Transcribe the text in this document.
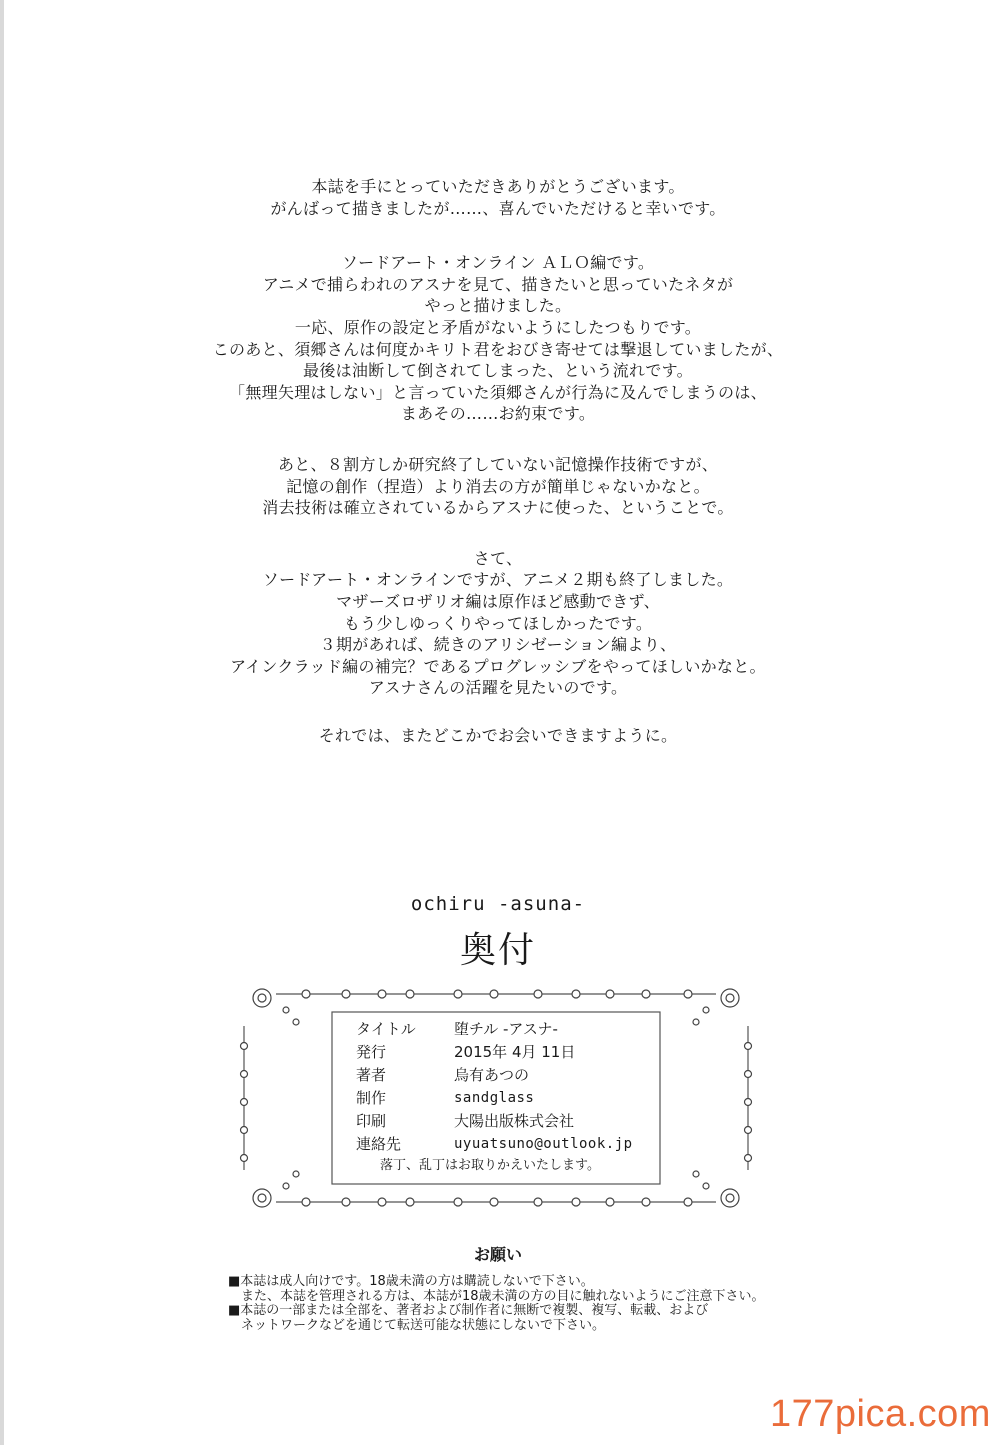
本誌を手にとっていただきありがとうございます。
がんばって描きましたが……、喜んでいただけると幸いです。

ソードアート・オンライン ＡＬＯ編です。
アニメで捕らわれのアスナを見て、描きたいと思っていたネタが
やっと描けました。
一応、原作の設定と矛盾がないようにしたつもりです。
このあと、須郷さんは何度かキリト君をおびき寄せては撃退していましたが、
最後は油断して倒されてしまった、という流れです。
「無理矢理はしない」と言っていた須郷さんが行為に及んでしまうのは、
まあその……お約束です。

あと、８割方しか研究終了していない記憶操作技術ですが、
記憶の創作（捏造）より消去の方が簡単じゃないかなと。
消去技術は確立されているからアスナに使った、ということで。

さて、
ソードアート・オンラインですが、アニメ２期も終了しました。
マザーズロザリオ編は原作ほど感動できず、
もう少しゆっくりやってほしかったです。
３期があれば、続きのアリシゼーション編より、
アインクラッド編の補完？であるプログレッシブをやってほしいかなと。
アスナさんの活躍を見たいのです。

それでは、またどこかでお会いできますように。

ochiru -asuna-
奥付
タイトル	堕チル -アスナ-
発行	2015年 4月 11日
著者	烏有あつの
制作	sandglass
印刷	大陽出版株式会社
連絡先	uyuatsuno@outlook.jp
落丁、乱丁はお取りかえいたします。
お願い
■本誌は成人向けです。18歳未満の方は購読しないで下さい。
　また、本誌を管理される方は、本誌が18歳未満の方の目に触れないようにご注意下さい。
■本誌の一部または全部を、著者および制作者に無断で複製、複写、転載、および
　ネットワークなどを通じて転送可能な状態にしないで下さい。
177pica.com
